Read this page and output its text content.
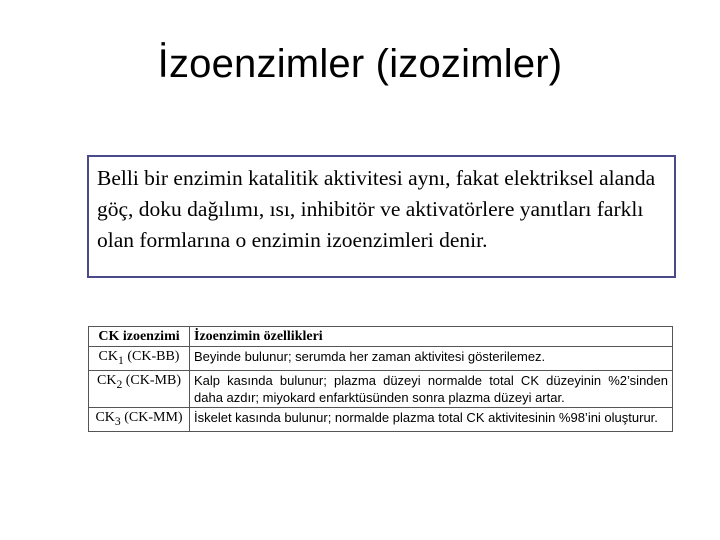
İzoenzimler (izozimler)

Belli bir enzimin katalitik aktivitesi aynı, fakat elektriksel alanda göç, doku dağılımı, ısı, inhibitör ve aktivatörlere yanıtları farklı olan formlarına o enzimin izoenzimleri denir.

CK izoenzimi	İzoenzimin özellikleri
$CK_1$ (CK-BB)	Beyinde bulunur; serumda her zaman aktivitesi gösterilemez.
$CK_2$ (CK-MB)	Kalp kasında bulunur; plazma düzeyi normalde total CK düzeyinin %2’sinden daha azdır; miyokard enfarktüsünden sonra plazma düzeyi artar.
$CK_3$ (CK-MM)	İskelet kasında bulunur; normalde plazma total CK aktivitesinin %98’ini oluşturur.
